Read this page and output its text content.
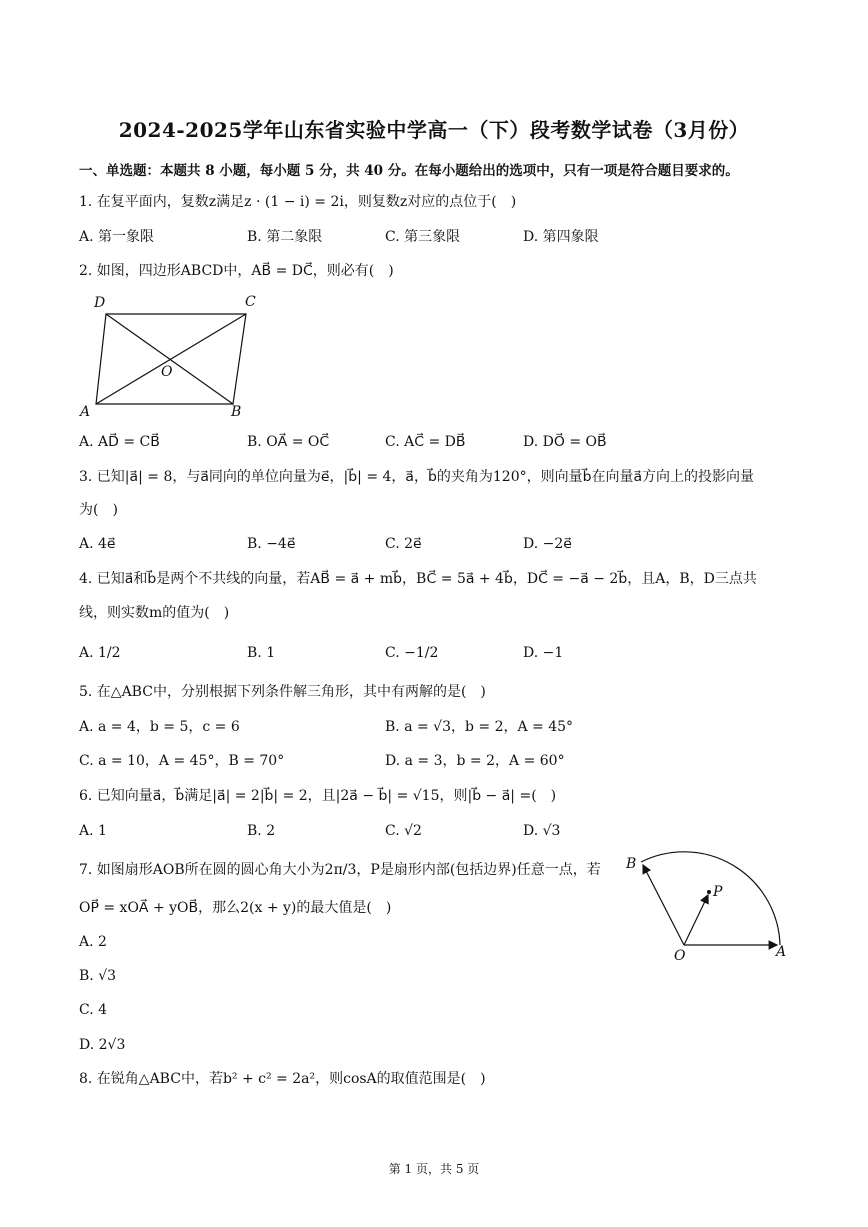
2024-2025学年山东省实验中学高一（下）段考数学试卷（3月份）
一、单选题：本题共 8 小题，每小题 5 分，共 40 分。在每小题给出的选项中，只有一项是符合题目要求的。
1. 在复平面内，复数z满足z · (1 − i) = 2i，则复数z对应的点位于(　)
A. 第一象限	B. 第二象限	C. 第三象限	D. 第四象限
2. 如图，四边形ABCD中，AB⃗ = DC⃗，则必有(　)
D	C
O
A	B
A. AD⃗ = CB⃗	B. OA⃗ = OC⃗	C. AC⃗ = DB⃗	D. DO⃗ = OB⃗
3. 已知|a⃗| = 8，与a⃗同向的单位向量为e⃗，|b⃗| = 4，a⃗，b⃗的夹角为120°，则向量b⃗在向量a⃗方向上的投影向量
为(　)
A. 4e⃗	B. −4e⃗	C. 2e⃗	D. −2e⃗
4. 已知a⃗和b⃗是两个不共线的向量，若AB⃗ = a⃗ + mb⃗，BC⃗ = 5a⃗ + 4b⃗，DC⃗ = −a⃗ − 2b⃗，且A，B，D三点共
线，则实数m的值为(　)
A. 1/2	B. 1	C. −1/2	D. −1
5. 在△ABC中，分别根据下列条件解三角形，其中有两解的是(　)
A. a = 4，b = 5，c = 6	B. a = √3，b = 2，A = 45°
C. a = 10，A = 45°，B = 70°	D. a = 3，b = 2，A = 60°
6. 已知向量a⃗，b⃗满足|a⃗| = 2|b⃗| = 2，且|2a⃗ − b⃗| = √15，则|b⃗ − a⃗| =(　)
A. 1	B. 2	C. √2	D. √3
7. 如图扇形AOB所在圆的圆心角大小为2π/3，P是扇形内部(包括边界)任意一点，若
OP⃗ = xOA⃗ + yOB⃗，那么2(x + y)的最大值是(　)
B
P
O	A
A. 2
B. √3
C. 4
D. 2√3
8. 在锐角△ABC中，若b² + c² = 2a²，则cosA的取值范围是(　)
第 1 页，共 5 页
